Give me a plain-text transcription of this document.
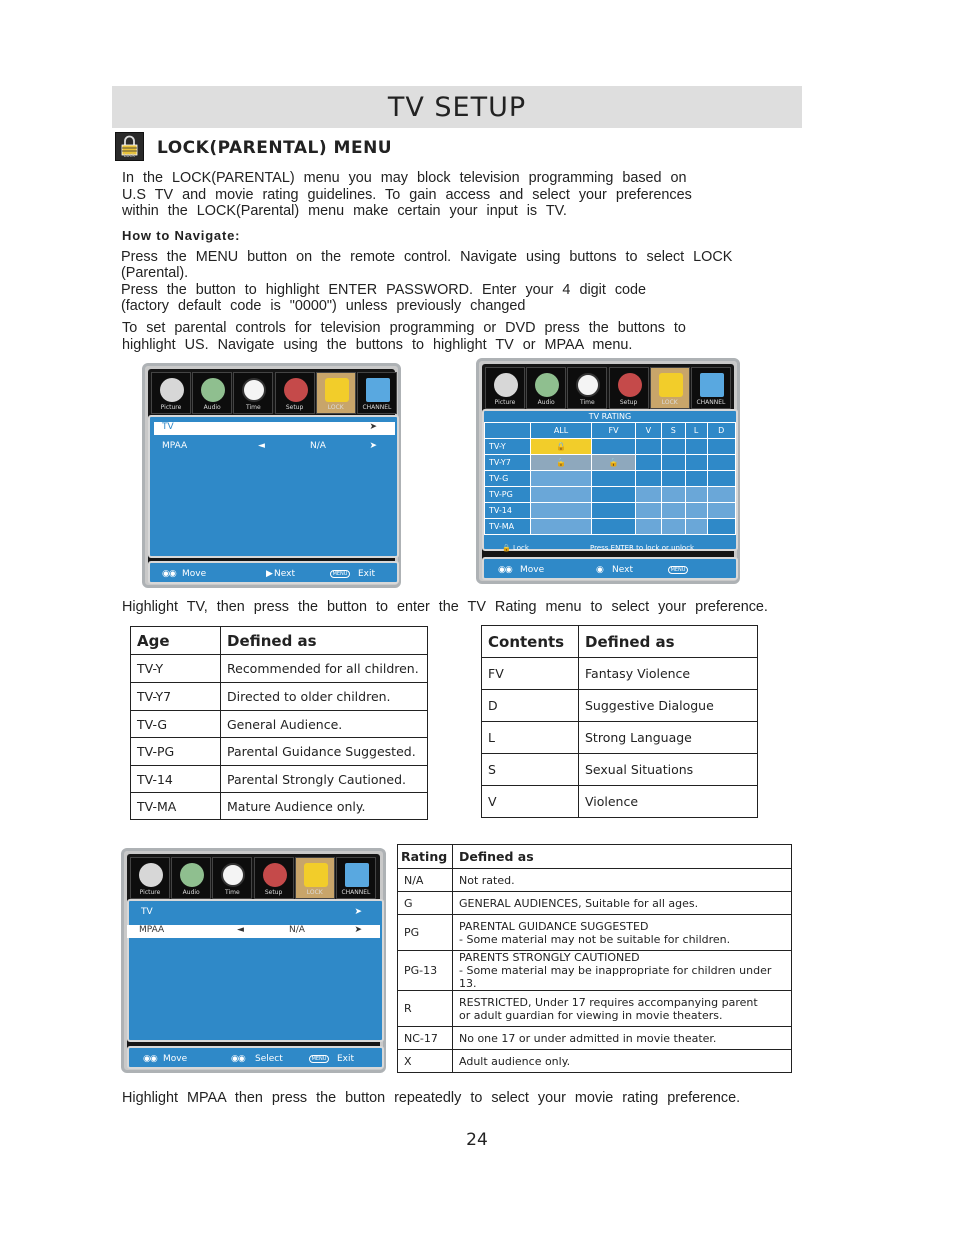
TV SETUP
Lock	LOCK(PARENTAL) MENU
In the LOCK(PARENTAL) menu you may block television programming based on
U.S TV and movie rating guidelines. To gain access and select your preferences
within the LOCK(Parental) menu make certain your input is TV.
How to Navigate:
Press the MENU button on the remote control. Navigate using buttons to select LOCK
(Parental).
Press the button to highlight ENTER PASSWORD. Enter your 4 digit code
(factory default code is "0000") unless previously changed
To set parental controls for television programming or DVD press the buttons to
highlight US. Navigate using the buttons to highlight TV or MPAA menu.
Picture	Audio	Time	Setup	LOCK	CHANNEL
TV	➤
MPAA	◄	N/A	➤
◉◉ Move	▶ Next	MENU Exit
Picture	Audio	Time	Setup	LOCK	CHANNEL
TV RATING
	ALL	FV	V	S	L	D
TV-Y	🔒					
TV-Y7	🔒	🔒				
TV-G						
TV-PG						
TV-14						
TV-MA						
🔒 Lock	Press ENTER to lock or unlock
◉◉ Move	◉ Next	MENU
Highlight TV, then press the button to enter the TV Rating menu to select your preference.
Age	Defined as
TV-Y	Recommended for all children.
TV-Y7	Directed to older children.
TV-G	General Audience.
TV-PG	Parental Guidance Suggested.
TV-14	Parental Strongly Cautioned.
TV-MA	Mature Audience only.
Contents	Defined as
FV	Fantasy Violence
D	Suggestive Dialogue
L	Strong Language
S	Sexual Situations
V	Violence
Picture	Audio	Time	Setup	LOCK	CHANNEL
TV	➤
MPAA	◄	N/A	➤
◉◉ Move	◉◉ Select	MENU Exit
Rating	Defined as
N/A	Not rated.
G	GENERAL AUDIENCES, Suitable for all ages.
PG	PARENTAL GUIDANCE SUGGESTED
- Some material may not be suitable for children.

PG-13	PARENTS STRONGLY CAUTIONED
- Some material may be inappropriate for children under 13.

R	RESTRICTED, Under 17 requires accompanying parent
or adult guardian for viewing in movie theaters.

NC-17	No one 17 or under admitted in movie theater.
X	Adult audience only.
Highlight MPAA then press the button repeatedly to select your movie rating preference.
24
